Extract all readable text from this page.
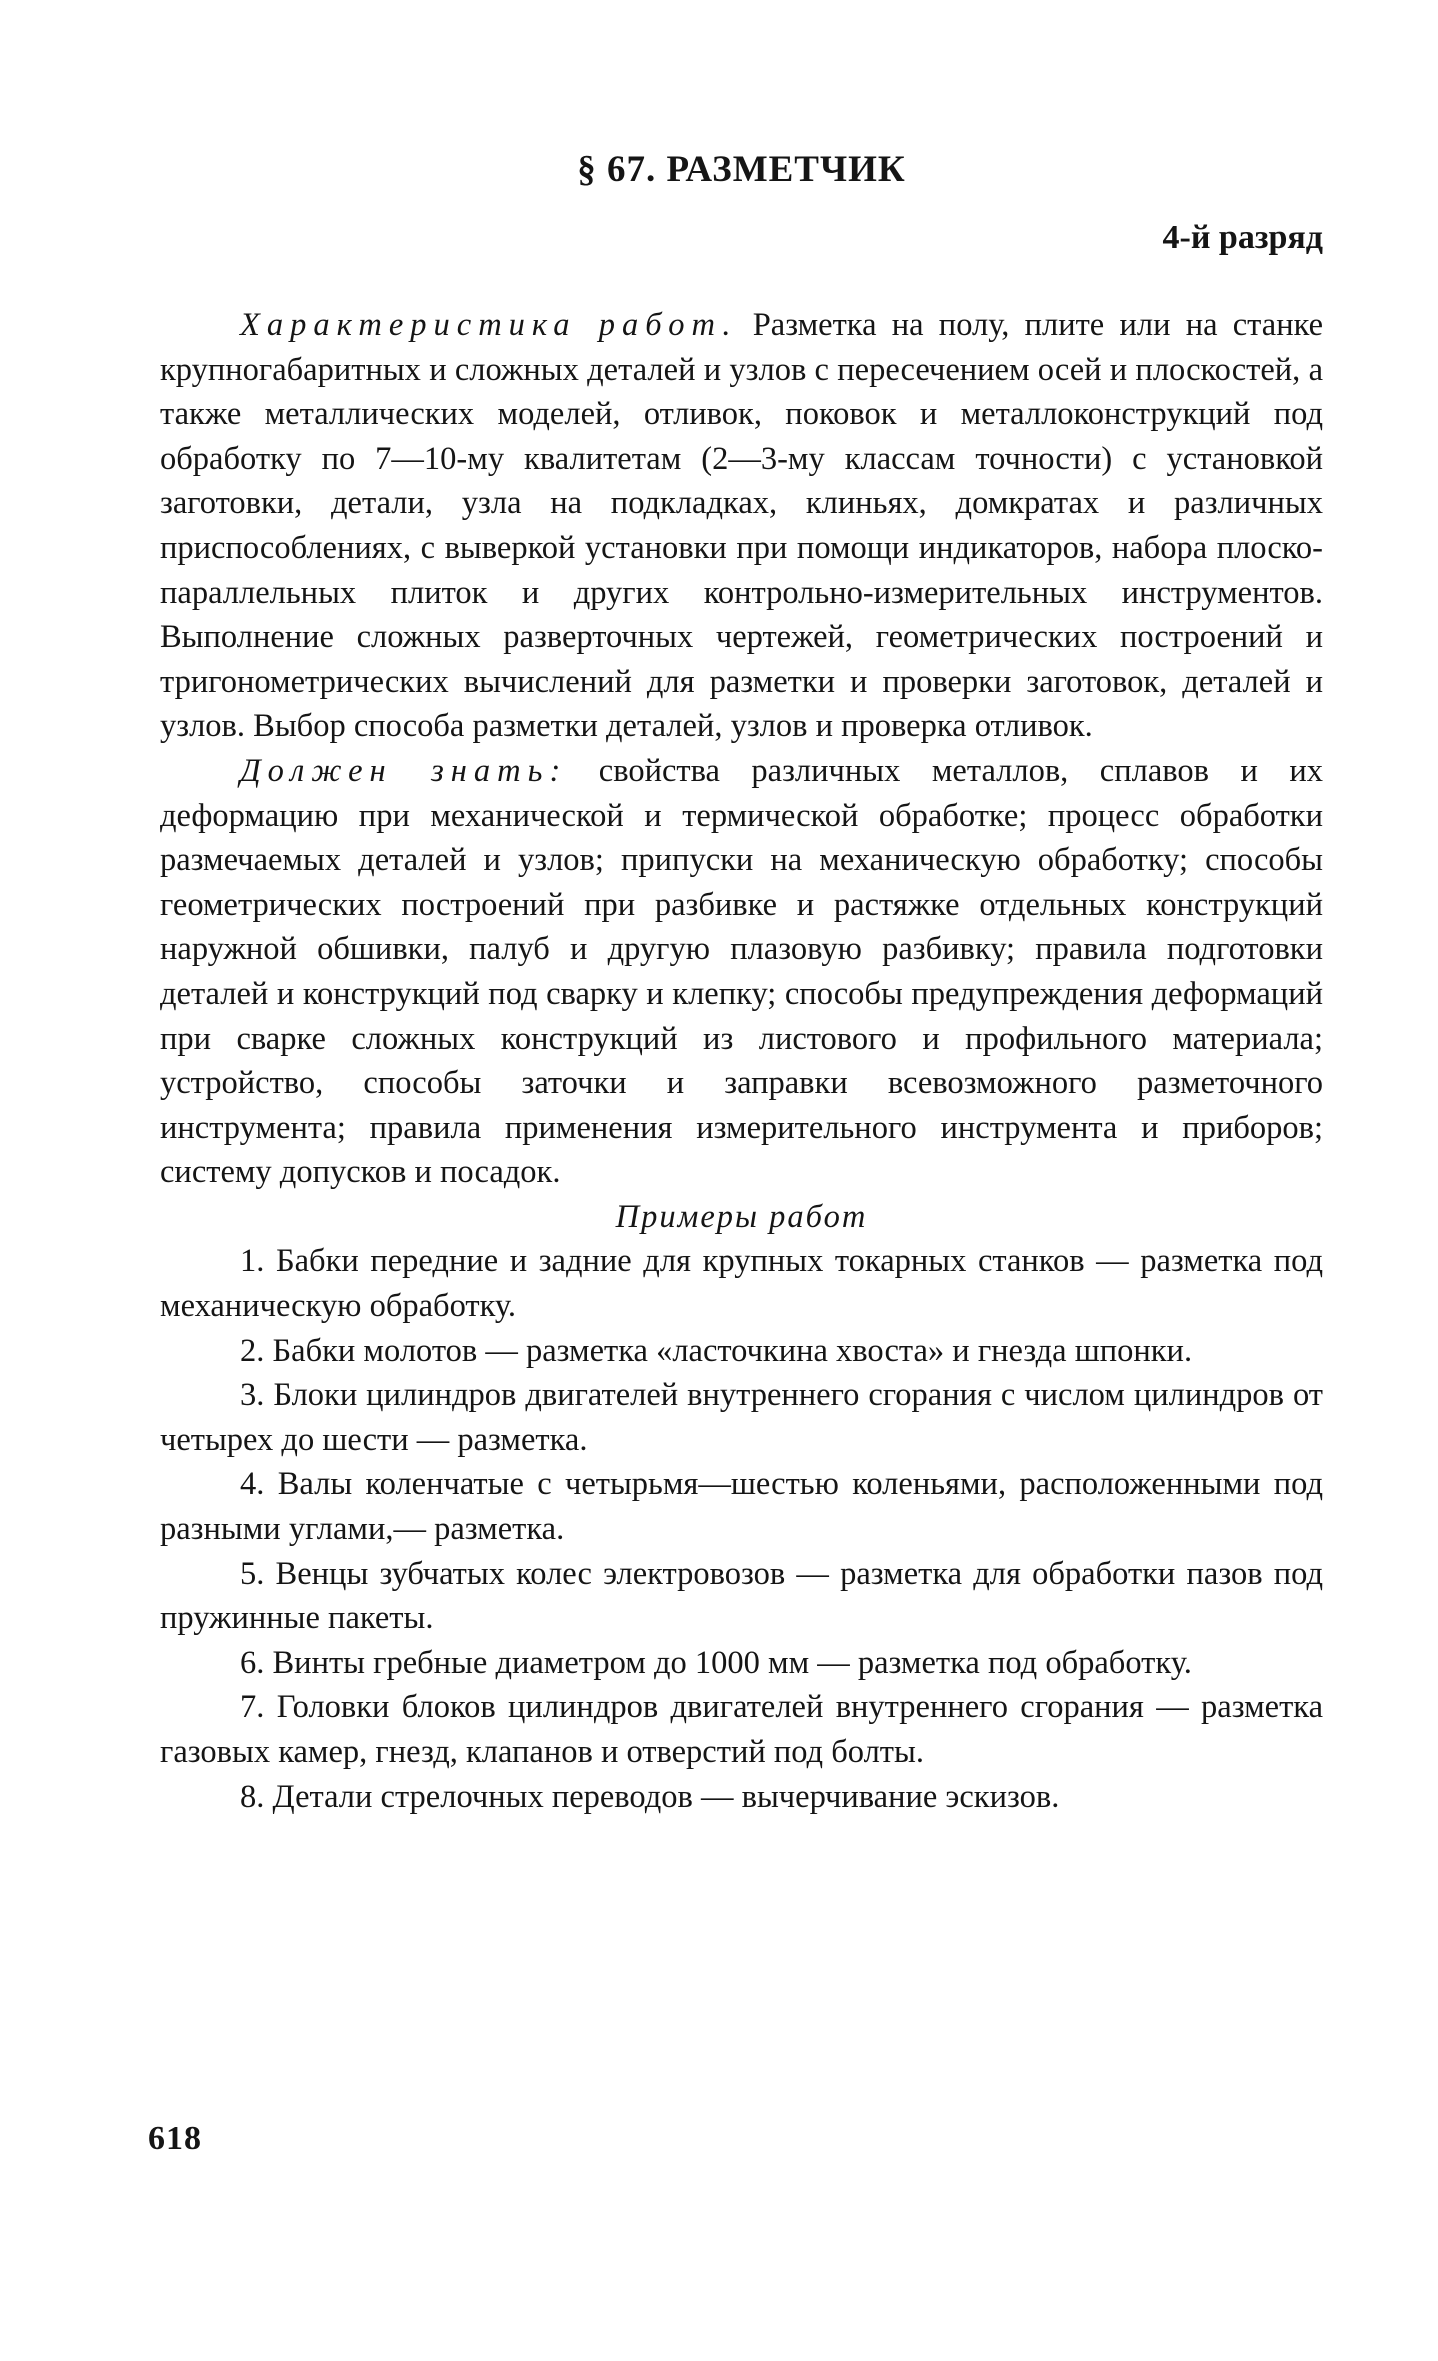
§ 67. РАЗМЕТЧИК
4-й разряд

Характеристика работ. Разметка на полу, плите или на станке крупногабаритных и сложных деталей и узлов с пересечением осей и плоскостей, а также металлических моделей, отливок, поковок и металлоконструкций под обработку по 7—10-му квалитетам (2—3-му классам точности) с установкой заготовки, детали, узла на подкладках, клиньях, домкратах и различных приспособлениях, с выверкой установки при помощи индикаторов, набора плоско-параллельных плиток и других контрольно-измерительных инструментов. Выполнение сложных разверточных чертежей, геометрических построений и тригонометрических вычислений для разметки и проверки заготовок, деталей и узлов. Выбор способа разметки деталей, узлов и проверка отливок.

Должен знать: свойства различных металлов, сплавов и их деформацию при механической и термической обработке; процесс обработки размечаемых деталей и узлов; припуски на механическую обработку; способы геометрических построений при разбивке и растяжке отдельных конструкций наружной обшивки, палуб и другую плазовую разбивку; правила подготовки деталей и конструкций под сварку и клепку; способы предупреждения деформаций при сварке сложных конструкций из листового и профильного материала; устройство, способы заточки и заправки всевозможного разметочного инструмента; правила применения измерительного инструмента и приборов; систему допусков и посадок.

Примеры работ

1. Бабки передние и задние для крупных токарных станков — разметка под механическую обработку.

2. Бабки молотов — разметка «ласточкина хвоста» и гнезда шпонки.

3. Блоки цилиндров двигателей внутреннего сгорания с числом цилиндров от четырех до шести — разметка.

4. Валы коленчатые с четырьмя—шестью коленьями, расположенными под разными углами,— разметка.

5. Венцы зубчатых колес электровозов — разметка для обработки пазов под пружинные пакеты.

6. Винты гребные диаметром до 1000 мм — разметка под обработку.

7. Головки блоков цилиндров двигателей внутреннего сгорания — разметка газовых камер, гнезд, клапанов и отверстий под болты.

8. Детали стрелочных переводов — вычерчивание эскизов.

618
